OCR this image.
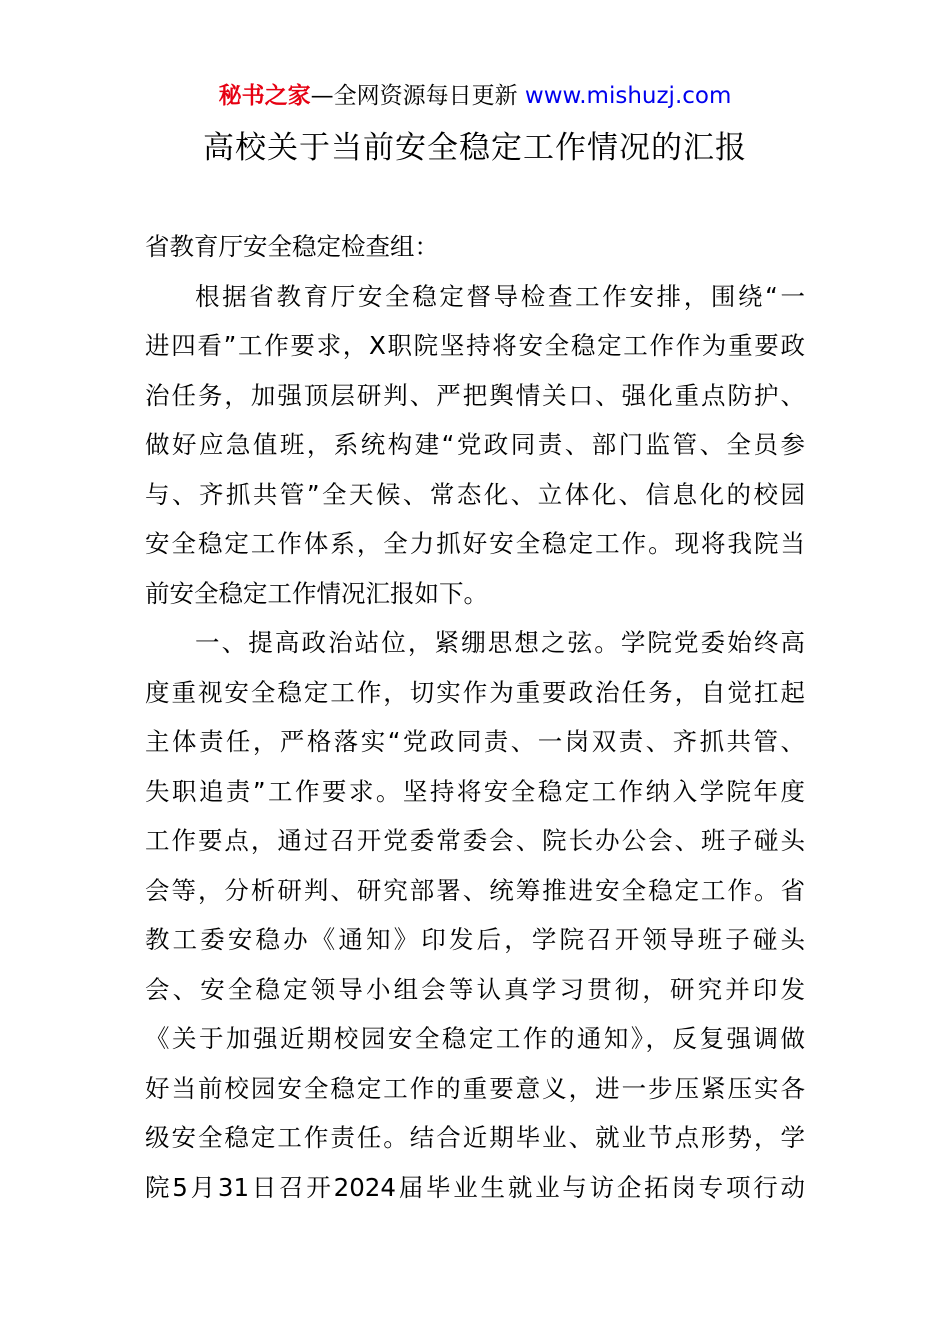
秘书之家—全网资源每日更新 www.mishuzj.com
高校关于当前安全稳定工作情况的汇报
省教育厅安全稳定检查组：
根据省教育厅安全稳定督导检查工作安排，围绕“一
进四看”工作要求，X职院坚持将安全稳定工作作为重要政
治任务，加强顶层研判、严把舆情关口、强化重点防护、
做好应急值班，系统构建“党政同责、部门监管、全员参
与、齐抓共管”全天候、常态化、立体化、信息化的校园
安全稳定工作体系，全力抓好安全稳定工作。现将我院当
前安全稳定工作情况汇报如下。
一、提高政治站位，紧绷思想之弦。学院党委始终高
度重视安全稳定工作，切实作为重要政治任务，自觉扛起
主体责任，严格落实“党政同责、一岗双责、齐抓共管、
失职追责”工作要求。坚持将安全稳定工作纳入学院年度
工作要点，通过召开党委常委会、院长办公会、班子碰头
会等，分析研判、研究部署、统筹推进安全稳定工作。省
教工委安稳办《通知》印发后，学院召开领导班子碰头
会、安全稳定领导小组会等认真学习贯彻，研究并印发
《关于加强近期校园安全稳定工作的通知》，反复强调做
好当前校园安全稳定工作的重要意义，进一步压紧压实各
级安全稳定工作责任。结合近期毕业、就业节点形势，学
院5月31日召开2024届毕业生就业与访企拓岗专项行动
